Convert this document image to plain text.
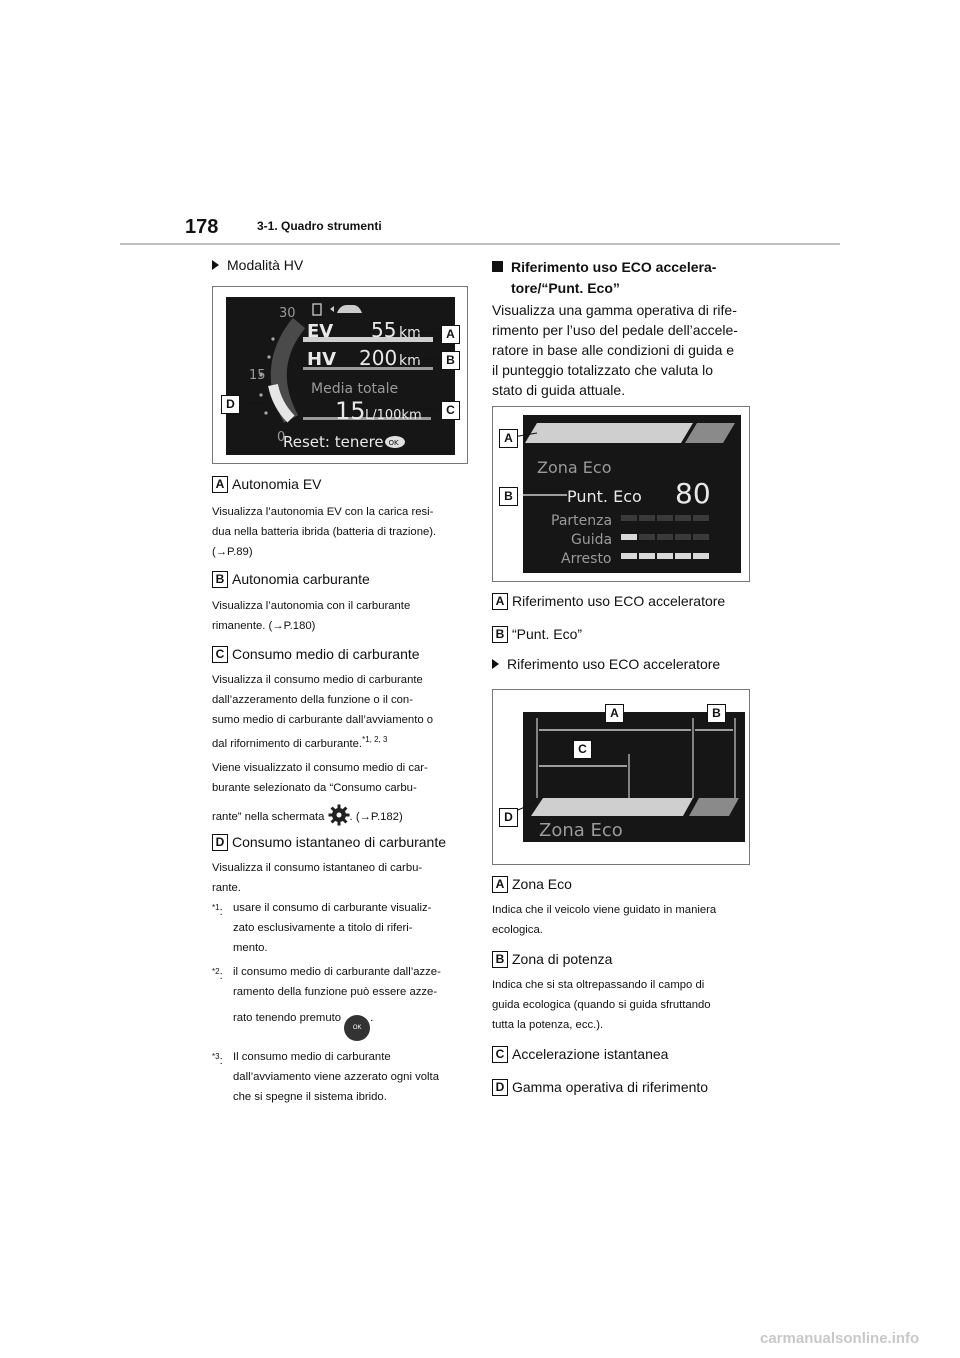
178	3-1. Quadro strumenti
Modalità HV
30
15
0
EV 55 km
HV 200 km
Media totale
15 L/100km
Reset: tenere OK
A
B
C
D
A Autonomia EV
Visualizza l’autonomia EV con la carica resi-
dua nella batteria ibrida (batteria di trazione).
(→P.89)
B Autonomia carburante
Visualizza l’autonomia con il carburante
rimanente. (→P.180)
C Consumo medio di carburante
Visualizza il consumo medio di carburante
dall’azzeramento della funzione o il con-
sumo medio di carburante dall’avviamento o
dal rifornimento di carburante.$^{*1, 2, 3}$
Viene visualizzato il consumo medio di car-
burante selezionato da “Consumo carbu-
rante” nella schermata . (→P.182)
D Consumo istantaneo di carburante
Visualizza il consumo istantaneo di carbu-
rante.
$^{*1}$: usare il consumo di carburante visualiz-
zato esclusivamente a titolo di riferi-
mento.
$^{*2}$: il consumo medio di carburante dall’azze-
ramento della funzione può essere azze-
rato tenendo premuto OK.
$^{*3}$: Il consumo medio di carburante
dall’avviamento viene azzerato ogni volta
che si spegne il sistema ibrido.
Riferimento uso ECO accelera-
tore/“Punt. Eco”
Visualizza una gamma operativa di rife-
rimento per l’uso del pedale dell’accele-
ratore in base alle condizioni di guida e
il punteggio totalizzato che valuta lo
stato di guida attuale.
Zona Eco
Punt. Eco 80
Partenza
Guida
Arresto
A
B
A Riferimento uso ECO acceleratore
B “Punt. Eco”
Riferimento uso ECO acceleratore
Zona Eco
A	B
C
D
A Zona Eco
Indica che il veicolo viene guidato in maniera
ecologica.
B Zona di potenza
Indica che si sta oltrepassando il campo di
guida ecologica (quando si guida sfruttando
tutta la potenza, ecc.).
C Accelerazione istantanea
D Gamma operativa di riferimento
carmanualsonline.info
